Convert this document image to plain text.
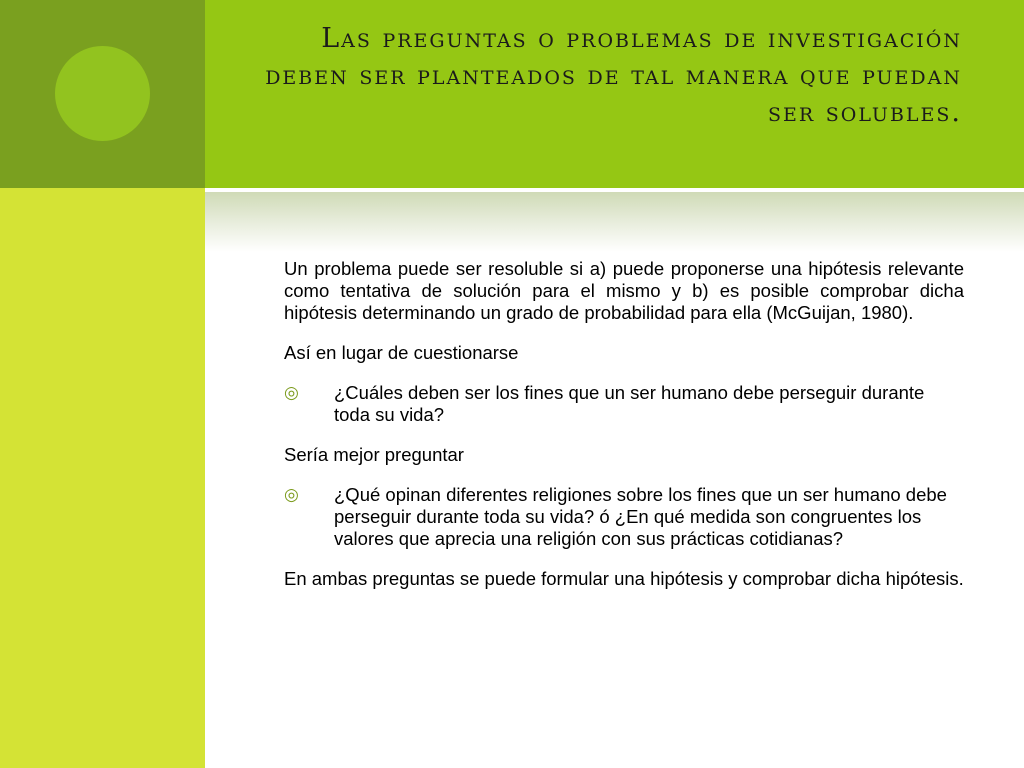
Las preguntas o problemas de investigación deben ser planteados de tal manera que puedan ser solubles.

Un problema puede ser resoluble si a) puede proponerse una hipótesis relevante como tentativa de solución para el mismo y b) es posible comprobar dicha hipótesis determinando un grado de probabilidad para ella (McGuijan, 1980).

Así en lugar de cuestionarse

◎ ¿Cuáles deben ser los fines que un ser humano debe perseguir durante toda su vida?

Sería mejor preguntar

◎ ¿Qué opinan diferentes religiones sobre los fines que un ser humano debe perseguir durante toda su vida? ó ¿En qué medida son congruentes los valores que aprecia una religión con sus prácticas cotidianas?

En ambas preguntas se puede formular una hipótesis y comprobar dicha hipótesis.
